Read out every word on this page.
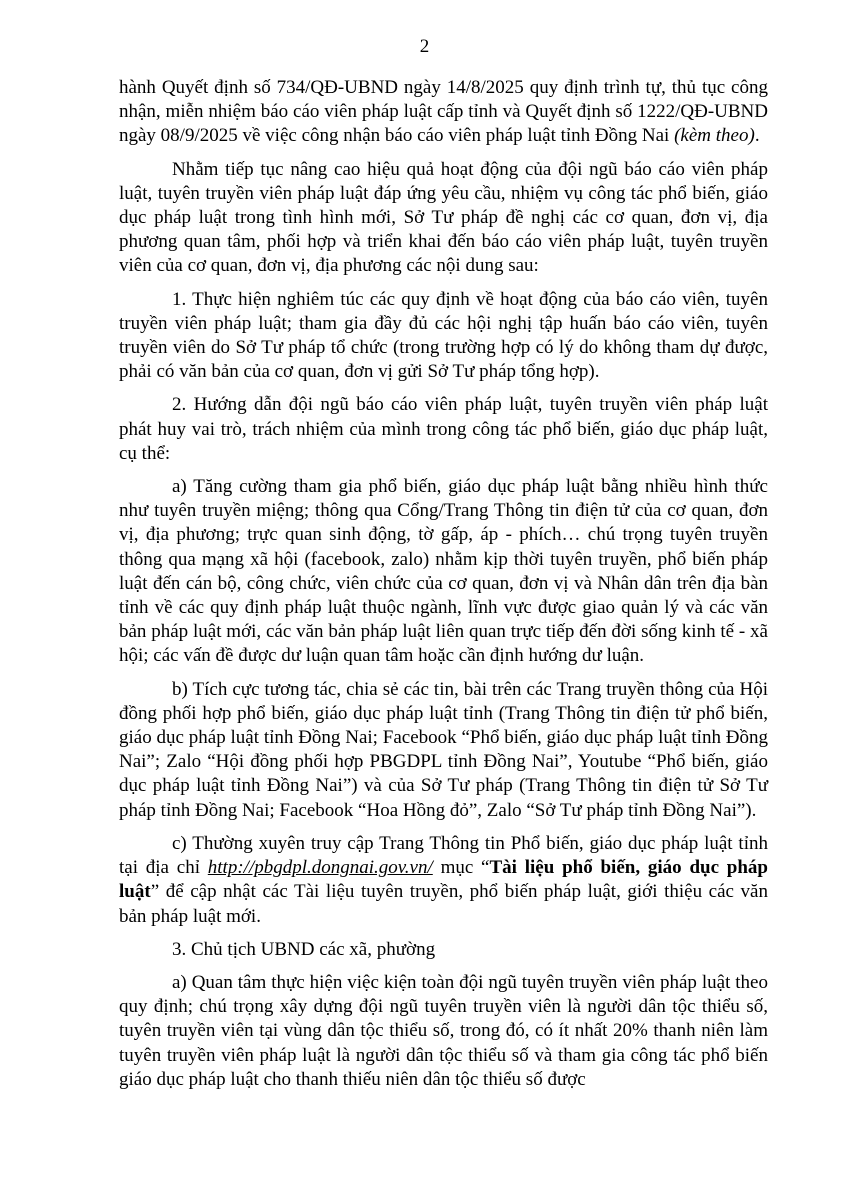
2

hành Quyết định số 734/QĐ-UBND ngày 14/8/2025 quy định trình tự, thủ tục công nhận, miễn nhiệm báo cáo viên pháp luật cấp tỉnh và Quyết định số 1222/QĐ-UBND ngày 08/9/2025 về việc công nhận báo cáo viên pháp luật tỉnh Đồng Nai (kèm theo).

Nhằm tiếp tục nâng cao hiệu quả hoạt động của đội ngũ báo cáo viên pháp luật, tuyên truyền viên pháp luật đáp ứng yêu cầu, nhiệm vụ công tác phổ biến, giáo dục pháp luật trong tình hình mới, Sở Tư pháp đề nghị các cơ quan, đơn vị, địa phương quan tâm, phối hợp và triển khai đến báo cáo viên pháp luật, tuyên truyền viên của cơ quan, đơn vị, địa phương các nội dung sau:

1. Thực hiện nghiêm túc các quy định về hoạt động của báo cáo viên, tuyên truyền viên pháp luật; tham gia đầy đủ các hội nghị tập huấn báo cáo viên, tuyên truyền viên do Sở Tư pháp tổ chức (trong trường hợp có lý do không tham dự được, phải có văn bản của cơ quan, đơn vị gửi Sở Tư pháp tổng hợp).

2. Hướng dẫn đội ngũ báo cáo viên pháp luật, tuyên truyền viên pháp luật phát huy vai trò, trách nhiệm của mình trong công tác phổ biến, giáo dục pháp luật, cụ thể:

a) Tăng cường tham gia phổ biến, giáo dục pháp luật bằng nhiều hình thức như tuyên truyền miệng; thông qua Cổng/Trang Thông tin điện tử của cơ quan, đơn vị, địa phương; trực quan sinh động, tờ gấp, áp - phích… chú trọng tuyên truyền thông qua mạng xã hội (facebook, zalo) nhằm kịp thời tuyên truyền, phổ biến pháp luật đến cán bộ, công chức, viên chức của cơ quan, đơn vị và Nhân dân trên địa bàn tỉnh về các quy định pháp luật thuộc ngành, lĩnh vực được giao quản lý và các văn bản pháp luật mới, các văn bản pháp luật liên quan trực tiếp đến đời sống kinh tế - xã hội; các vấn đề được dư luận quan tâm hoặc cần định hướng dư luận.

b) Tích cực tương tác, chia sẻ các tin, bài trên các Trang truyền thông của Hội đồng phối hợp phổ biến, giáo dục pháp luật tỉnh (Trang Thông tin điện tử phổ biến, giáo dục pháp luật tỉnh Đồng Nai; Facebook “Phổ biến, giáo dục pháp luật tỉnh Đồng Nai”; Zalo “Hội đồng phối hợp PBGDPL tỉnh Đồng Nai”, Youtube “Phổ biến, giáo dục pháp luật tỉnh Đồng Nai”) và của Sở Tư pháp (Trang Thông tin điện tử Sở Tư pháp tỉnh Đồng Nai; Facebook “Hoa Hồng đỏ”, Zalo “Sở Tư pháp tỉnh Đồng Nai”).

c) Thường xuyên truy cập Trang Thông tin Phổ biến, giáo dục pháp luật tỉnh tại địa chỉ http://pbgdpl.dongnai.gov.vn/ mục “Tài liệu phổ biến, giáo dục pháp luật” để cập nhật các Tài liệu tuyên truyền, phổ biến pháp luật, giới thiệu các văn bản pháp luật mới.

3. Chủ tịch UBND các xã, phường

a) Quan tâm thực hiện việc kiện toàn đội ngũ tuyên truyền viên pháp luật theo quy định; chú trọng xây dựng đội ngũ tuyên truyền viên là người dân tộc thiểu số, tuyên truyền viên tại vùng dân tộc thiểu số, trong đó, có ít nhất 20% thanh niên làm tuyên truyền viên pháp luật là người dân tộc thiểu số và tham gia công tác phổ biến giáo dục pháp luật cho thanh thiếu niên dân tộc thiểu số được
